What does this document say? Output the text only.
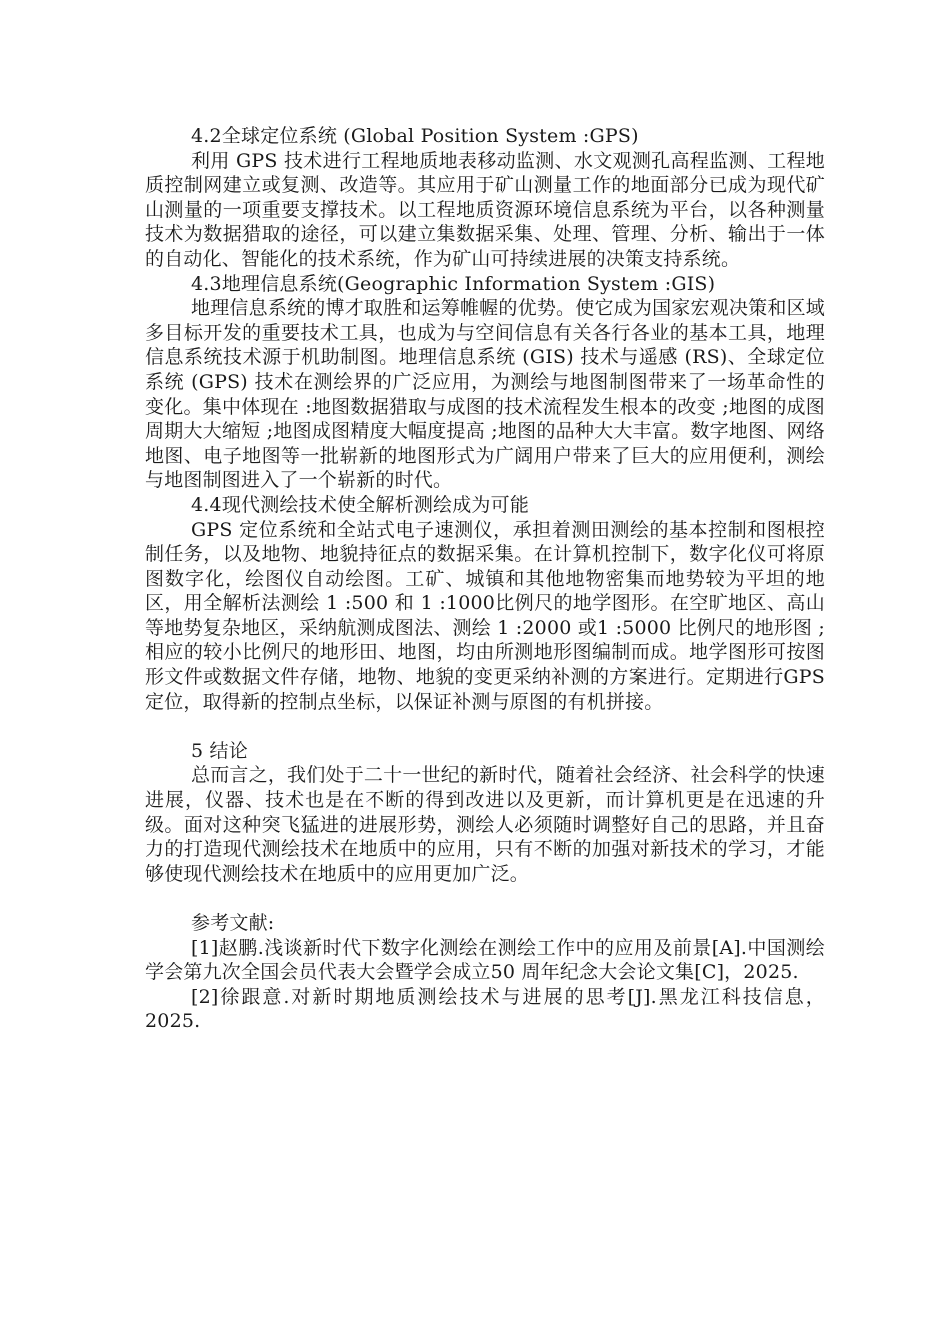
4.2全球定位系统 (Global Position System :GPS)

利用 GPS 技术进行工程地质地表移动监测、水文观测孔高程监测、工程地质控制网建立或复测、改造等。其应用于矿山测量工作的地面部分已成为现代矿山测量的一项重要支撑技术。以工程地质资源环境信息系统为平台，以各种测量技术为数据猎取的途径，可以建立集数据采集、处理、管理、分析、输出于一体的自动化、智能化的技术系统，作为矿山可持续进展的决策支持系统。

4.3地理信息系统(Geographic Information System :GIS)

地理信息系统的博才取胜和运筹帷幄的优势。使它成为国家宏观决策和区域多目标开发的重要技术工具，也成为与空间信息有关各行各业的基本工具，地理信息系统技术源于机助制图。地理信息系统 (GIS) 技术与遥感 (RS)、全球定位系统 (GPS) 技术在测绘界的广泛应用，为测绘与地图制图带来了一场革命性的变化。集中体现在 :地图数据猎取与成图的技术流程发生根本的改变 ;地图的成图周期大大缩短 ;地图成图精度大幅度提高 ;地图的品种大大丰富。数字地图、网络地图、电子地图等一批崭新的地图形式为广阔用户带来了巨大的应用便利，测绘与地图制图进入了一个崭新的时代。

4.4现代测绘技术使全解析测绘成为可能

GPS 定位系统和全站式电子速测仪，承担着测田测绘的基本控制和图根控制任务，以及地物、地貌持征点的数据采集。在计算机控制下，数字化仪可将原图数字化，绘图仪自动绘图。工矿、城镇和其他地物密集而地势较为平坦的地区，用全解析法测绘 1 :500 和 1 :1000比例尺的地学图形。在空旷地区、高山等地势复杂地区，采纳航测成图法、测绘 1 :2000 或1 :5000 比例尺的地形图 ;相应的较小比例尺的地形田、地图，均由所测地形图编制而成。地学图形可按图形文件或数据文件存储，地物、地貌的变更采纳补测的方案进行。定期进行GPS 定位，取得新的控制点坐标，以保证补测与原图的有机拼接。

5 结论

总而言之，我们处于二十一世纪的新时代，随着社会经济、社会科学的快速进展，仪器、技术也是在不断的得到改进以及更新，而计算机更是在迅速的升级。面对这种突飞猛进的进展形势，测绘人必须随时调整好自己的思路，并且奋力的打造现代测绘技术在地质中的应用，只有不断的加强对新技术的学习，才能够使现代测绘技术在地质中的应用更加广泛。

参考文献:

[1]赵鹏.浅谈新时代下数字化测绘在测绘工作中的应用及前景[A].中国测绘学会第九次全国会员代表大会暨学会成立50 周年纪念大会论文集[C]，2025.

[2]徐跟意.对新时期地质测绘技术与进展的思考[J].黑龙江科技信息，2025.
